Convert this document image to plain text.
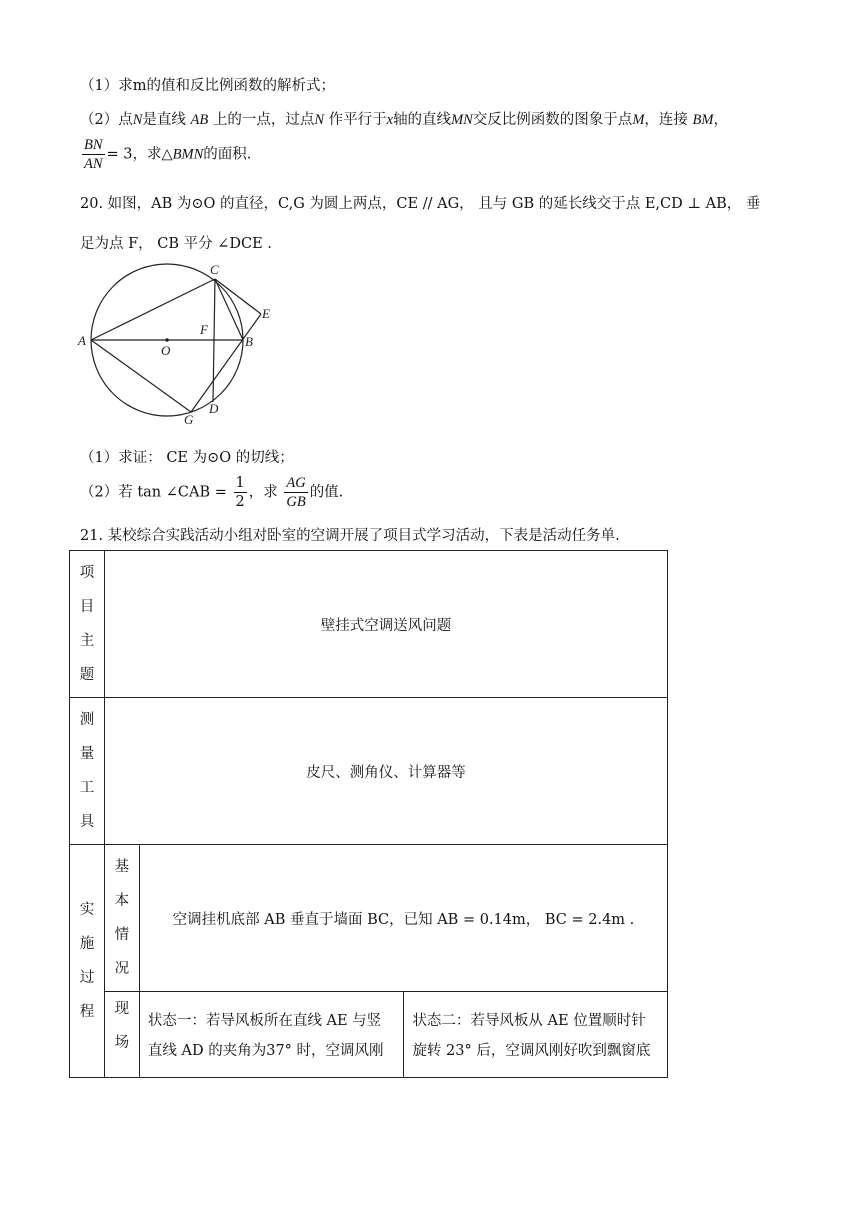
（1）求m的值和反比例函数的解析式；
（2）点N是直线 AB 上的一点，过点N 作平行于x轴的直线MN交反比例函数的图象于点M，连接 BM，
$\frac{BN}{AN} = 3$，求△BMN的面积.
20. 如图，AB 为⊙O 的直径，C,G 为圆上两点，CE // AG， 且与 GB 的延长线交于点 E,CD ⊥ AB， 垂
足为点 F， CB 平分 ∠DCE .
A	B
C
D
E
F
G
O
（1）求证： CE 为⊙O 的切线；
（2）若 tan ∠CAB = $\frac{1}{2}$ ，求 $\frac{AG}{GB}$ 的值.
21. 某校综合实践活动小组对卧室的空调开展了项目式学习活动，下表是活动任务单.
项
目
主
题	壁挂式空调送风问题		

测
量
工
具	皮尺、测角仪、计算器等		

实
施
过
程	基
本
情
况	空调挂机底部 AB 垂直于墙面 BC，已知 AB = 0.14m， BC = 2.4m .	

	现
场	状态一：若导风板所在直线 AE 与竖直线 AD 的夹角为37° 时，空调风刚	状态二：若导风板从 AE 位置顺时针旋转 23° 后，空调风刚好吹到飘窗底
